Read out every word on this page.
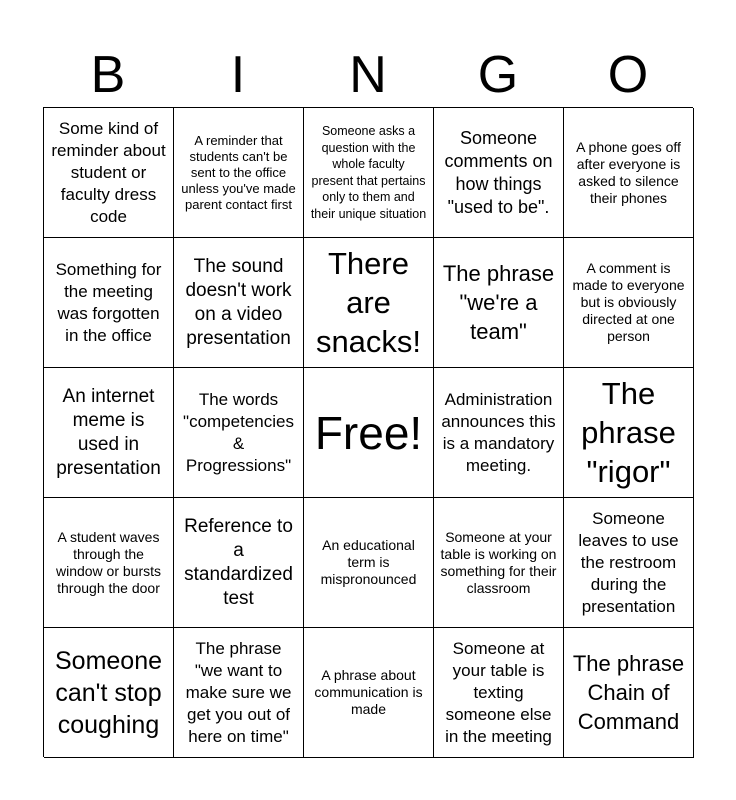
B	I	N	G	O
Some kind of reminder about student or faculty dress code
A reminder that students can't be sent to the office unless you've made parent contact first
Someone asks a question with the whole faculty present that pertains only to them and their unique situation
Someone comments on how things "used to be".
A phone goes off after everyone is asked to silence their phones
Something for the meeting was forgotten in the office
The sound doesn't work on a video presentation
There are snacks!
The phrase "we're a team"
A comment is made to everyone but is obviously directed at one person
An internet meme is used in presentation
The words "competencies & Progressions"
Free!
Administration announces this is a mandatory meeting.
The phrase "rigor"
A student waves through the window or bursts through the door
Reference to a standardized test
An educational term is mispronounced
Someone at your table is working on something for their classroom
Someone leaves to use the restroom during the presentation
Someone can't stop coughing
The phrase "we want to make sure we get you out of here on time"
A phrase about communication is made
Someone at your table is texting someone else in the meeting
The phrase Chain of Command
